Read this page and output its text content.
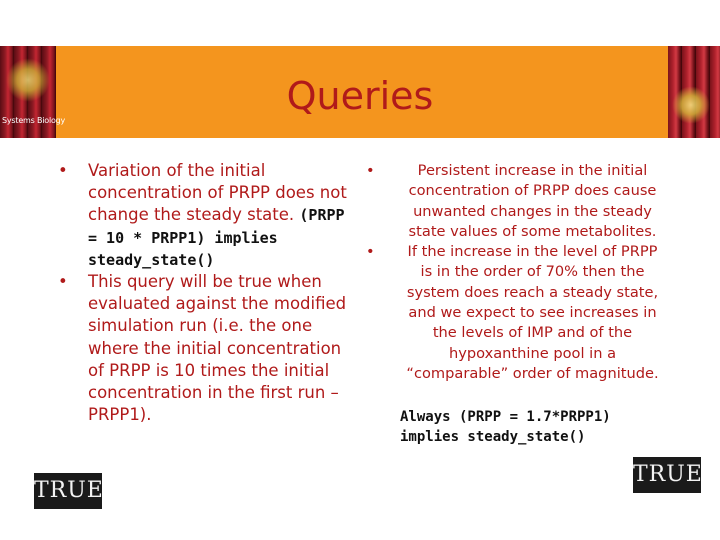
Systems Biology
Queries
• Variation of the initial concentration of PRPP does not change the steady state. (PRPP = 10 * PRPP1) implies steady_state()
• This query will be true when evaluated against the modified simulation run (i.e. the one where the initial concentration of PRPP is 10 times the initial concentration in the first run – PRPP1).
TRUE
•	Persistent increase in the initial concentration of PRPP does cause unwanted changes in the steady state values of some metabolites.
• If the increase in the level of PRPP is in the order of 70% then the system does reach a steady state, and we expect to see increases in the levels of IMP and of the hypoxanthine pool in a “comparable” order of magnitude.
Always (PRPP = 1.7*PRPP1) implies steady_state()
TRUE
